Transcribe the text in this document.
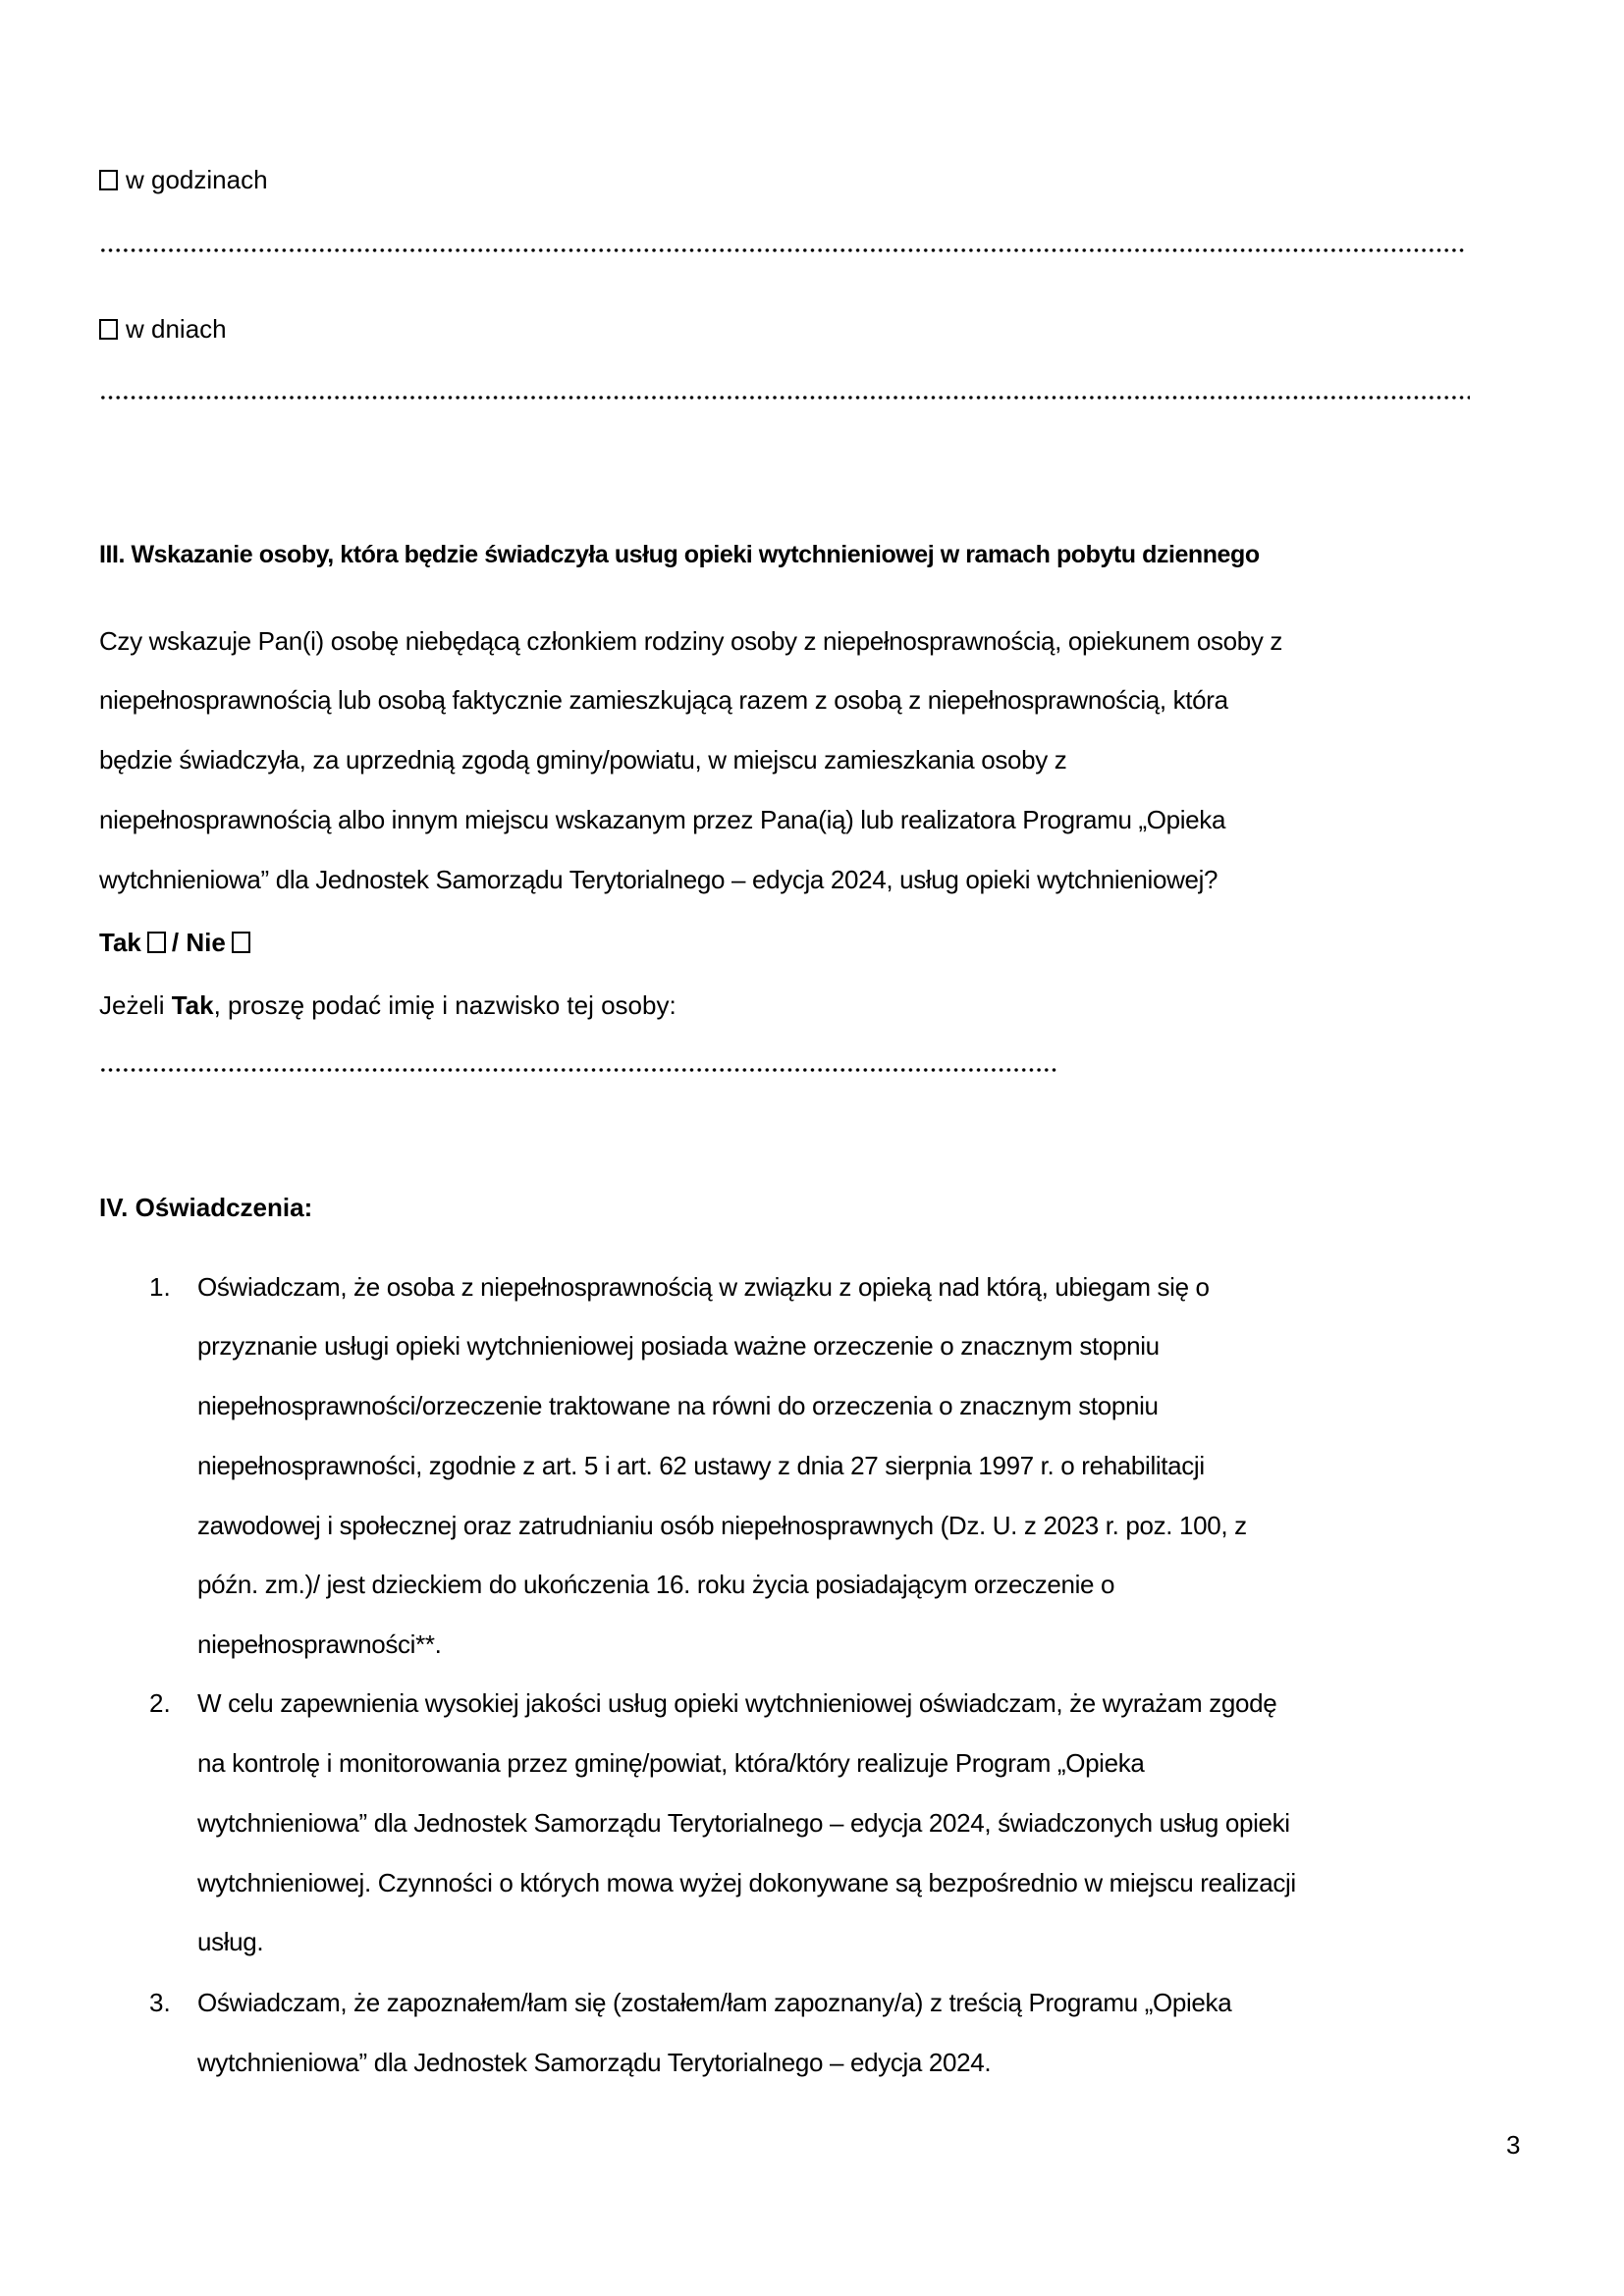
w godzinach
w dniach
III. Wskazanie osoby, która będzie świadczyła usług opieki wytchnieniowej w ramach pobytu dziennego
Czy wskazuje Pan(i) osobę niebędącą członkiem rodziny osoby z niepełnosprawnością, opiekunem osoby z
niepełnosprawnością lub osobą faktycznie zamieszkującą razem z osobą z niepełnosprawnością, która
będzie świadczyła, za uprzednią zgodą gminy/powiatu, w miejscu zamieszkania osoby z
niepełnosprawnością albo innym miejscu wskazanym przez Pana(ią) lub realizatora Programu „Opieka
wytchnieniowa” dla Jednostek Samorządu Terytorialnego – edycja 2024, usług opieki wytchnieniowej?
Tak / Nie
Jeżeli Tak, proszę podać imię i nazwisko tej osoby:
IV. Oświadczenia:
1. Oświadczam, że osoba z niepełnosprawnością w związku z opieką nad którą, ubiegam się o
przyznanie usługi opieki wytchnieniowej posiada ważne orzeczenie o znacznym stopniu
niepełnosprawności/orzeczenie traktowane na równi do orzeczenia o znacznym stopniu
niepełnosprawności, zgodnie z art. 5 i art. 62 ustawy z dnia 27 sierpnia 1997 r. o rehabilitacji
zawodowej i społecznej oraz zatrudnianiu osób niepełnosprawnych (Dz. U. z 2023 r. poz. 100, z
późn. zm.)/ jest dzieckiem do ukończenia 16. roku życia posiadającym orzeczenie o
niepełnosprawności**.
2. W celu zapewnienia wysokiej jakości usług opieki wytchnieniowej oświadczam, że wyrażam zgodę
na kontrolę i monitorowania przez gminę/powiat, która/który realizuje Program „Opieka
wytchnieniowa” dla Jednostek Samorządu Terytorialnego – edycja 2024, świadczonych usług opieki
wytchnieniowej. Czynności o których mowa wyżej dokonywane są bezpośrednio w miejscu realizacji
usług.
3. Oświadczam, że zapoznałem/łam się (zostałem/łam zapoznany/a) z treścią Programu „Opieka
wytchnieniowa” dla Jednostek Samorządu Terytorialnego – edycja 2024.
3
